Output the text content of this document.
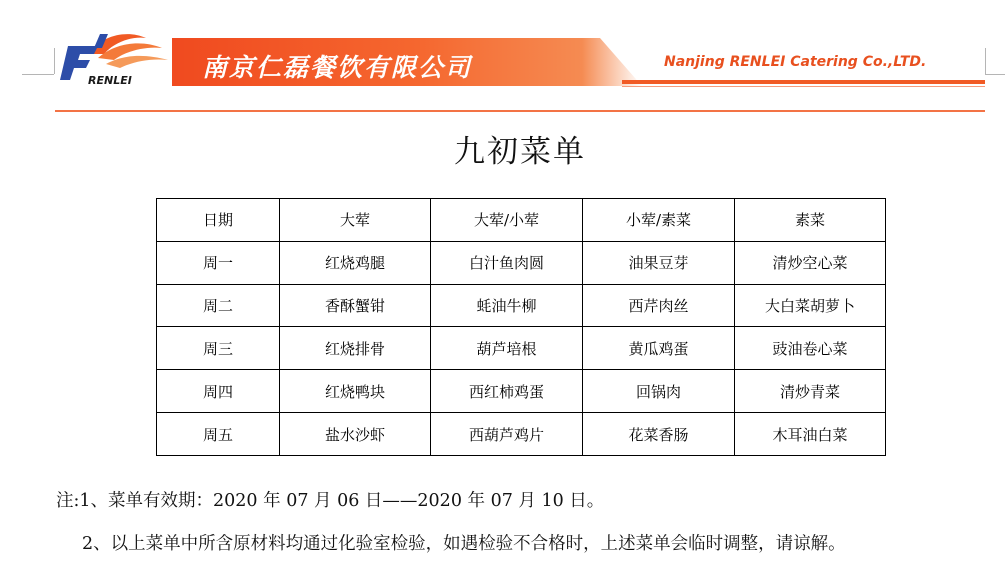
RENLEI	南京仁磊餐饮有限公司	Nanjing RENLEI Catering Co.,LTD.
九初菜单
日期	大荤	大荤/小荤	小荤/素菜	素菜
周一	红烧鸡腿	白汁鱼肉圆	油果豆芽	清炒空心菜
周二	香酥蟹钳	蚝油牛柳	西芹肉丝	大白菜胡萝卜
周三	红烧排骨	葫芦培根	黄瓜鸡蛋	豉油卷心菜
周四	红烧鸭块	西红柿鸡蛋	回锅肉	清炒青菜
周五	盐水沙虾	西葫芦鸡片	花菜香肠	木耳油白菜
注:1、菜单有效期：2020 年 07 月 06 日——2020 年 07 月 10 日。
2、以上菜单中所含原材料均通过化验室检验，如遇检验不合格时，上述菜单会临时调整，请谅解。
